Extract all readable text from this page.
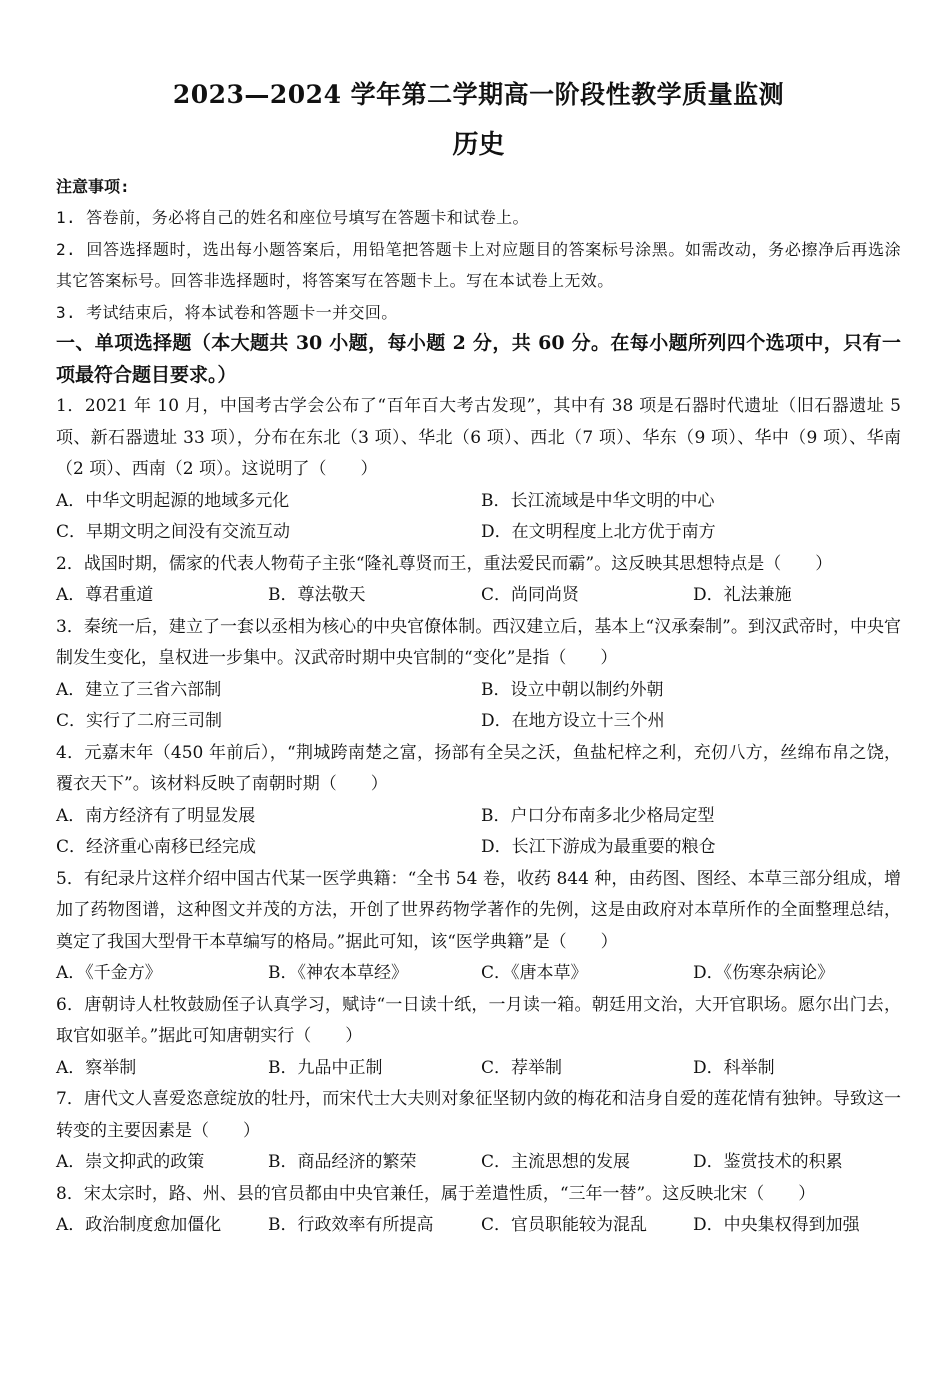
2023—2024 学年第二学期高一阶段性教学质量监测
历史
注意事项:

1. 答卷前，务必将自己的姓名和座位号填写在答题卡和试卷上。

2. 回答选择题时，选出每小题答案后，用铅笔把答题卡上对应题目的答案标号涂黑。如需改动，务必擦净后再选涂其它答案标号。回答非选择题时，将答案写在答题卡上。写在本试卷上无效。

3. 考试结束后，将本试卷和答题卡一并交回。

一、单项选择题（本大题共 30 小题，每小题 2 分，共 60 分。在每小题所列四个选项中，只有一项最符合题目要求。）

1．2021 年 10 月，中国考古学会公布了“百年百大考古发现”，其中有 38 项是石器时代遗址（旧石器遗址 5 项、新石器遗址 33 项），分布在东北（3 项）、华北（6 项）、西北（7 项）、华东（9 项）、华中（9 项）、华南（2 项）、西南（2 项）。这说明了（　　）

A．中华文明起源的地域多元化	B．长江流域是中华文明的中心
C．早期文明之间没有交流互动	D．在文明程度上北方优于南方

2．战国时期，儒家的代表人物荀子主张“隆礼尊贤而王，重法爱民而霸”。这反映其思想特点是（　　）

A．尊君重道	B．尊法敬天	C．尚同尚贤	D．礼法兼施

3．秦统一后，建立了一套以丞相为核心的中央官僚体制。西汉建立后，基本上“汉承秦制”。到汉武帝时，中央官制发生变化，皇权进一步集中。汉武帝时期中央官制的“变化”是指（　　）

A．建立了三省六部制	B．设立中朝以制约外朝
C．实行了二府三司制	D．在地方设立十三个州

4．元嘉末年（450 年前后），“荆城跨南楚之富，扬部有全吴之沃，鱼盐杞梓之利，充仞八方，丝绵布帛之饶，覆衣天下”。该材料反映了南朝时期（　　）

A．南方经济有了明显发展	B．户口分布南多北少格局定型
C．经济重心南移已经完成	D．长江下游成为最重要的粮仓

5．有纪录片这样介绍中国古代某一医学典籍：“全书 54 卷，收药 844 种，由药图、图经、本草三部分组成，增加了药物图谱，这种图文并茂的方法，开创了世界药物学著作的先例，这是由政府对本草所作的全面整理总结，奠定了我国大型骨干本草编写的格局。”据此可知，该“医学典籍”是（　　）

A．《千金方》	B．《神农本草经》	C．《唐本草》	D．《伤寒杂病论》

6．唐朝诗人杜牧鼓励侄子认真学习，赋诗“一日读十纸，一月读一箱。朝廷用文治，大开官职场。愿尔出门去，取官如驱羊。”据此可知唐朝实行（　　）

A．察举制	B．九品中正制	C．荐举制	D．科举制

7．唐代文人喜爱恣意绽放的牡丹，而宋代士大夫则对象征坚韧内敛的梅花和洁身自爱的莲花情有独钟。导致这一转变的主要因素是（　　）

A．崇文抑武的政策	B．商品经济的繁荣	C．主流思想的发展	D．鉴赏技术的积累

8．宋太宗时，路、州、县的官员都由中央官兼任，属于差遣性质，“三年一替”。这反映北宋（　　）

A．政治制度愈加僵化	B．行政效率有所提高	C．官员职能较为混乱	D．中央集权得到加强
